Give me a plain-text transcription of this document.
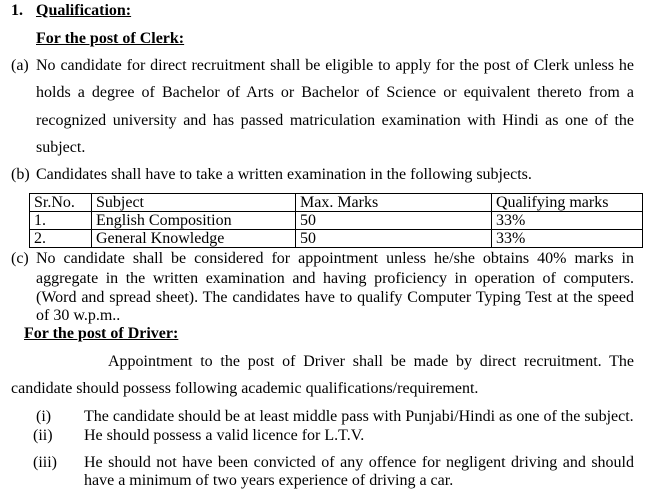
1. Qualification:
For the post of Clerk:
(a) No candidate for direct recruitment shall be eligible to apply for the post of Clerk unless he
holds a degree of Bachelor of Arts or Bachelor of Science or equivalent thereto from a
recognized university and has passed matriculation examination with Hindi as one of the
subject.
(b) Candidates shall have to take a written examination in the following subjects.
Sr.No.	Subject	Max. Marks	Qualifying marks
1.	English Composition	50	33%
2.	General Knowledge	50	33%
(c) No candidate shall be considered for appointment unless he/she obtains 40% marks in
aggregate in the written examination and having proficiency in operation of computers.
(Word and spread sheet). The candidates have to qualify Computer Typing Test at the speed
of 30 w.p.m..
For the post of Driver:
Appointment to the post of Driver shall be made by direct recruitment. The
candidate should possess following academic qualifications/requirement.
(i) The candidate should be at least middle pass with Punjabi/Hindi as one of the subject.
(ii) He should possess a valid licence for L.T.V.
(iii) He should not have been convicted of any offence for negligent driving and should
have a minimum of two years experience of driving a car.
